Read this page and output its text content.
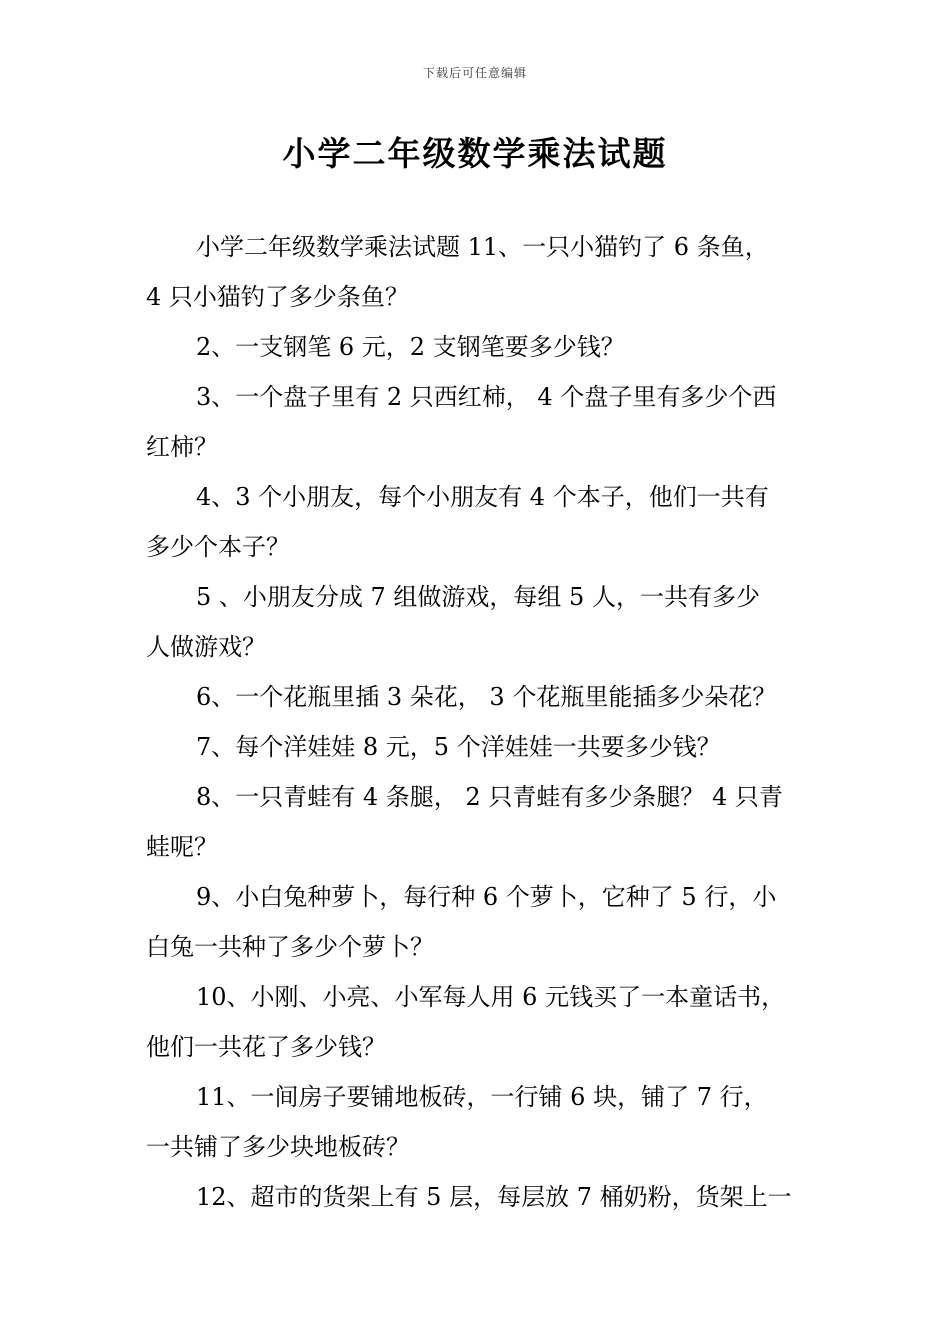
下载后可任意编辑
小学二年级数学乘法试题
小学二年级数学乘法试题 11、一只小猫钓了 6 条鱼，
4 只小猫钓了多少条鱼？
2、一支钢笔 6 元，2 支钢笔要多少钱？
3、一个盘子里有 2 只西红柿， 4 个盘子里有多少个西
红柿？
4、3 个小朋友，每个小朋友有 4 个本子，他们一共有
多少个本子？
5 、小朋友分成 7 组做游戏，每组 5 人，一共有多少
人做游戏？
6、一个花瓶里插 3 朵花， 3 个花瓶里能插多少朵花？
7、每个洋娃娃 8 元，5 个洋娃娃一共要多少钱？
8、一只青蛙有 4 条腿， 2 只青蛙有多少条腿？ 4 只青
蛙呢？
9、小白兔种萝卜，每行种 6 个萝卜，它种了 5 行，小
白兔一共种了多少个萝卜？
10、小刚、小亮、小军每人用 6 元钱买了一本童话书，
他们一共花了多少钱？
11、一间房子要铺地板砖，一行铺 6 块，铺了 7 行，
一共铺了多少块地板砖？
12、超市的货架上有 5 层，每层放 7 桶奶粉，货架上一
